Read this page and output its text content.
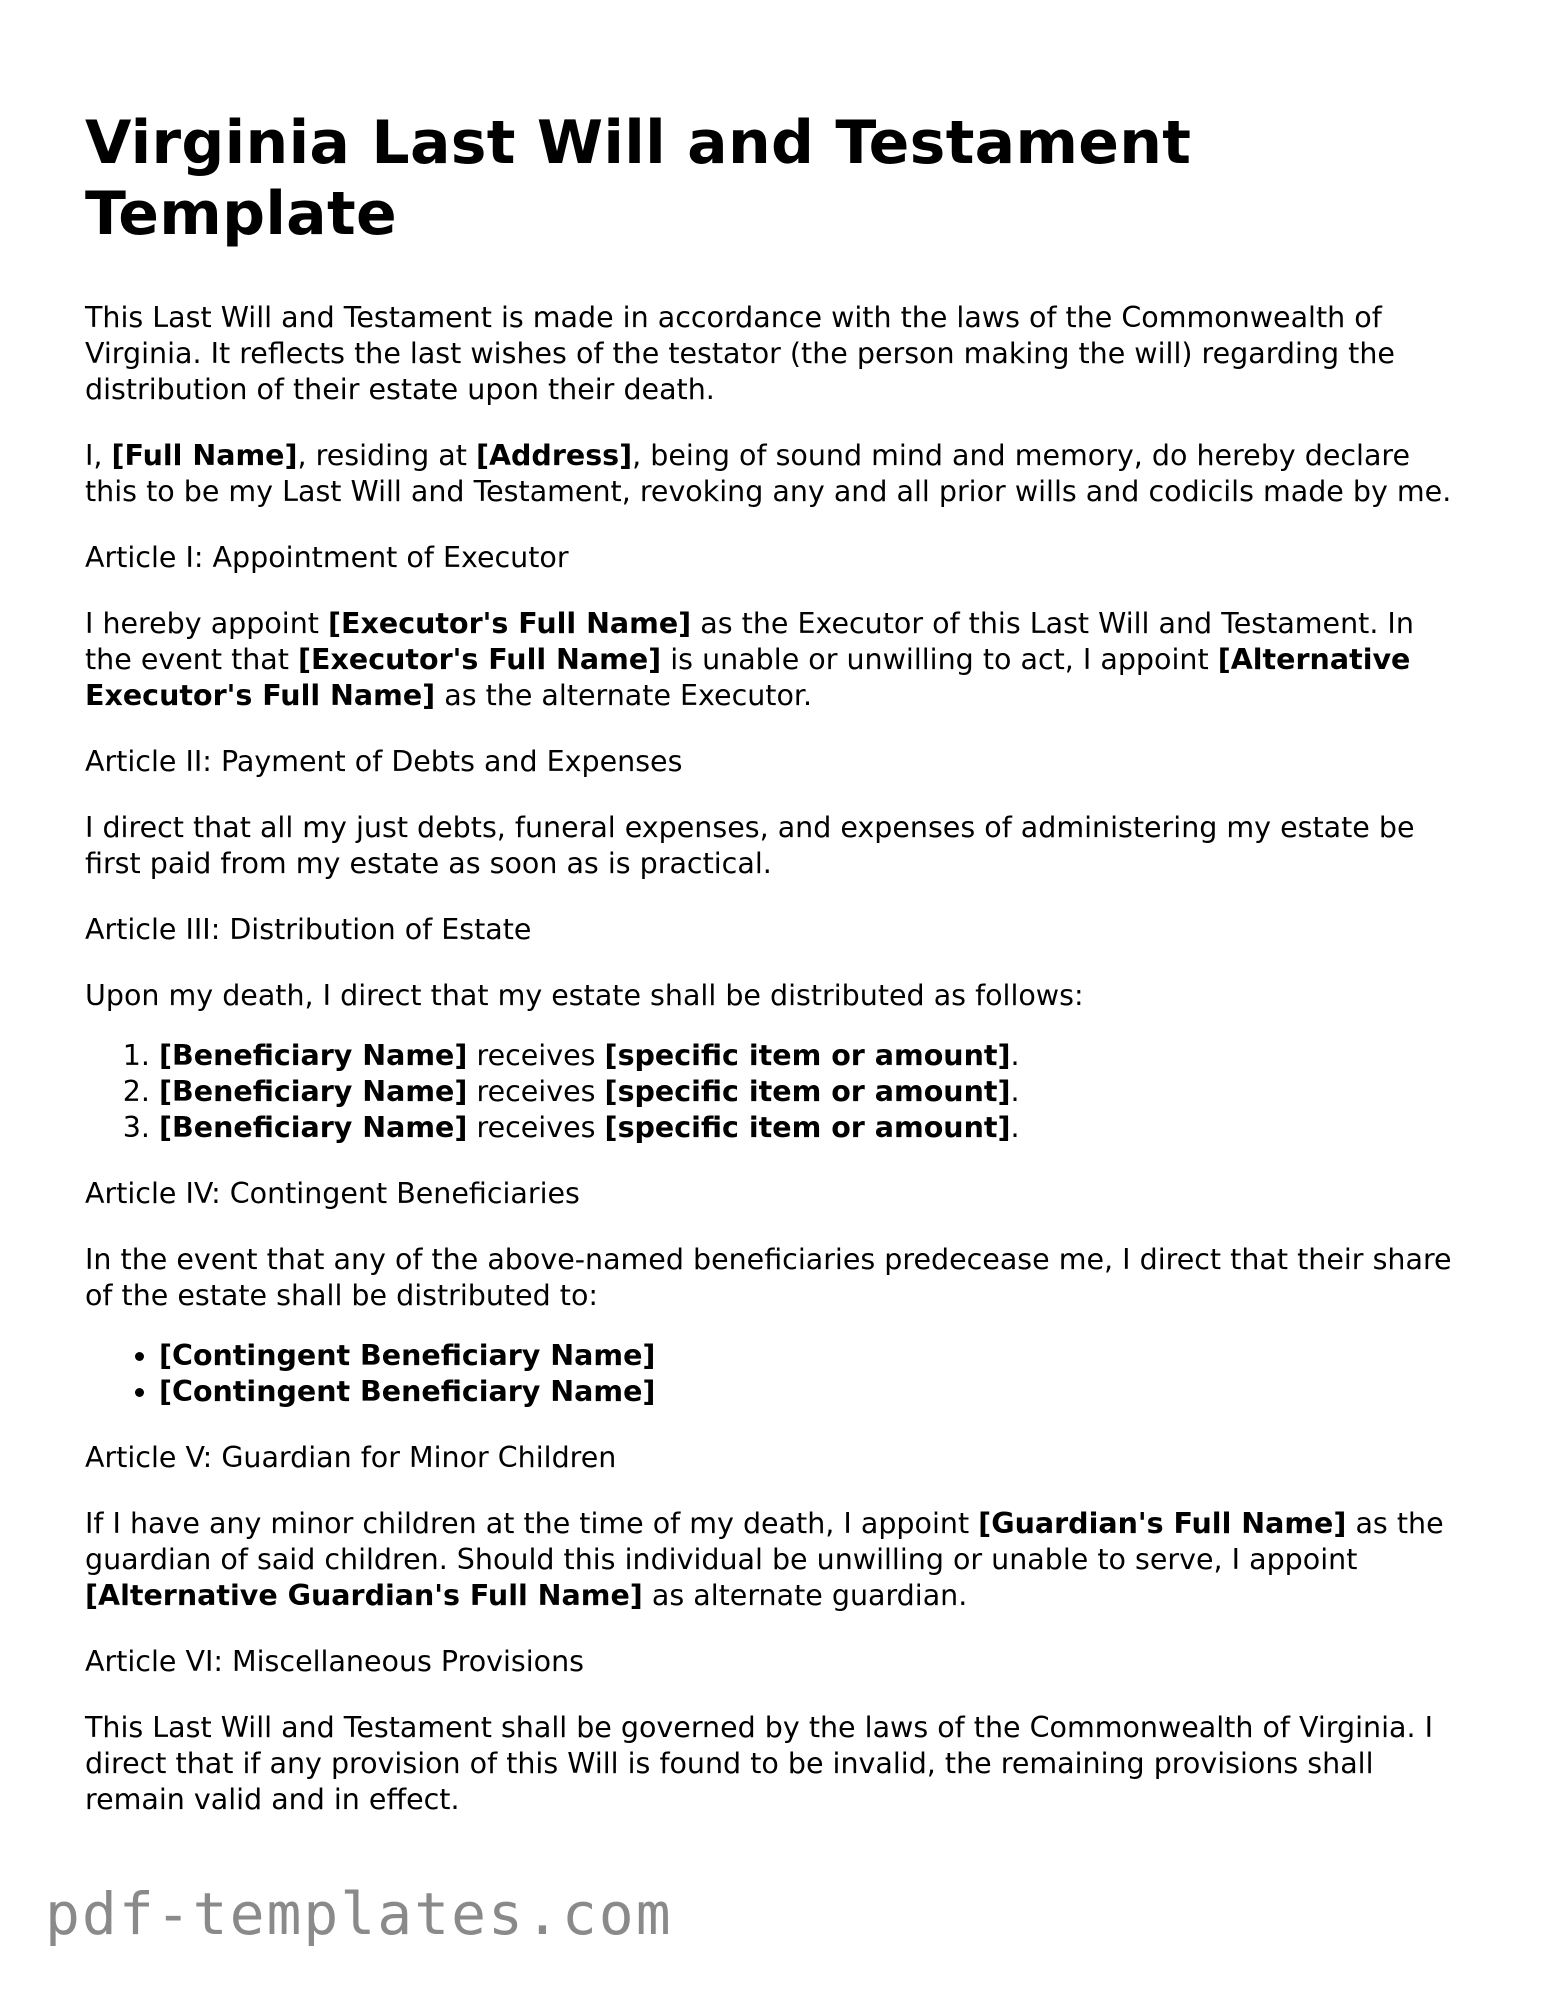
Virginia Last Will and Testament Template

This Last Will and Testament is made in accordance with the laws of the Commonwealth of Virginia. It reflects the last wishes of the testator (the person making the will) regarding the distribution of their estate upon their death.

I, [Full Name], residing at [Address], being of sound mind and memory, do hereby declare this to be my Last Will and Testament, revoking any and all prior wills and codicils made by me.

Article I: Appointment of Executor

I hereby appoint [Executor's Full Name] as the Executor of this Last Will and Testament. In the event that [Executor's Full Name] is unable or unwilling to act, I appoint [Alternative Executor's Full Name] as the alternate Executor.

Article II: Payment of Debts and Expenses

I direct that all my just debts, funeral expenses, and expenses of administering my estate be first paid from my estate as soon as is practical.

Article III: Distribution of Estate

Upon my death, I direct that my estate shall be distributed as follows:

1. [Beneficiary Name] receives [specific item or amount].
2. [Beneficiary Name] receives [specific item or amount].
3. [Beneficiary Name] receives [specific item or amount].

Article IV: Contingent Beneficiaries

In the event that any of the above-named beneficiaries predecease me, I direct that their share of the estate shall be distributed to:

• [Contingent Beneficiary Name]
• [Contingent Beneficiary Name]

Article V: Guardian for Minor Children

If I have any minor children at the time of my death, I appoint [Guardian's Full Name] as the guardian of said children. Should this individual be unwilling or unable to serve, I appoint [Alternative Guardian's Full Name] as alternate guardian.

Article VI: Miscellaneous Provisions

This Last Will and Testament shall be governed by the laws of the Commonwealth of Virginia. I direct that if any provision of this Will is found to be invalid, the remaining provisions shall remain valid and in effect.

pdf-templates.com
